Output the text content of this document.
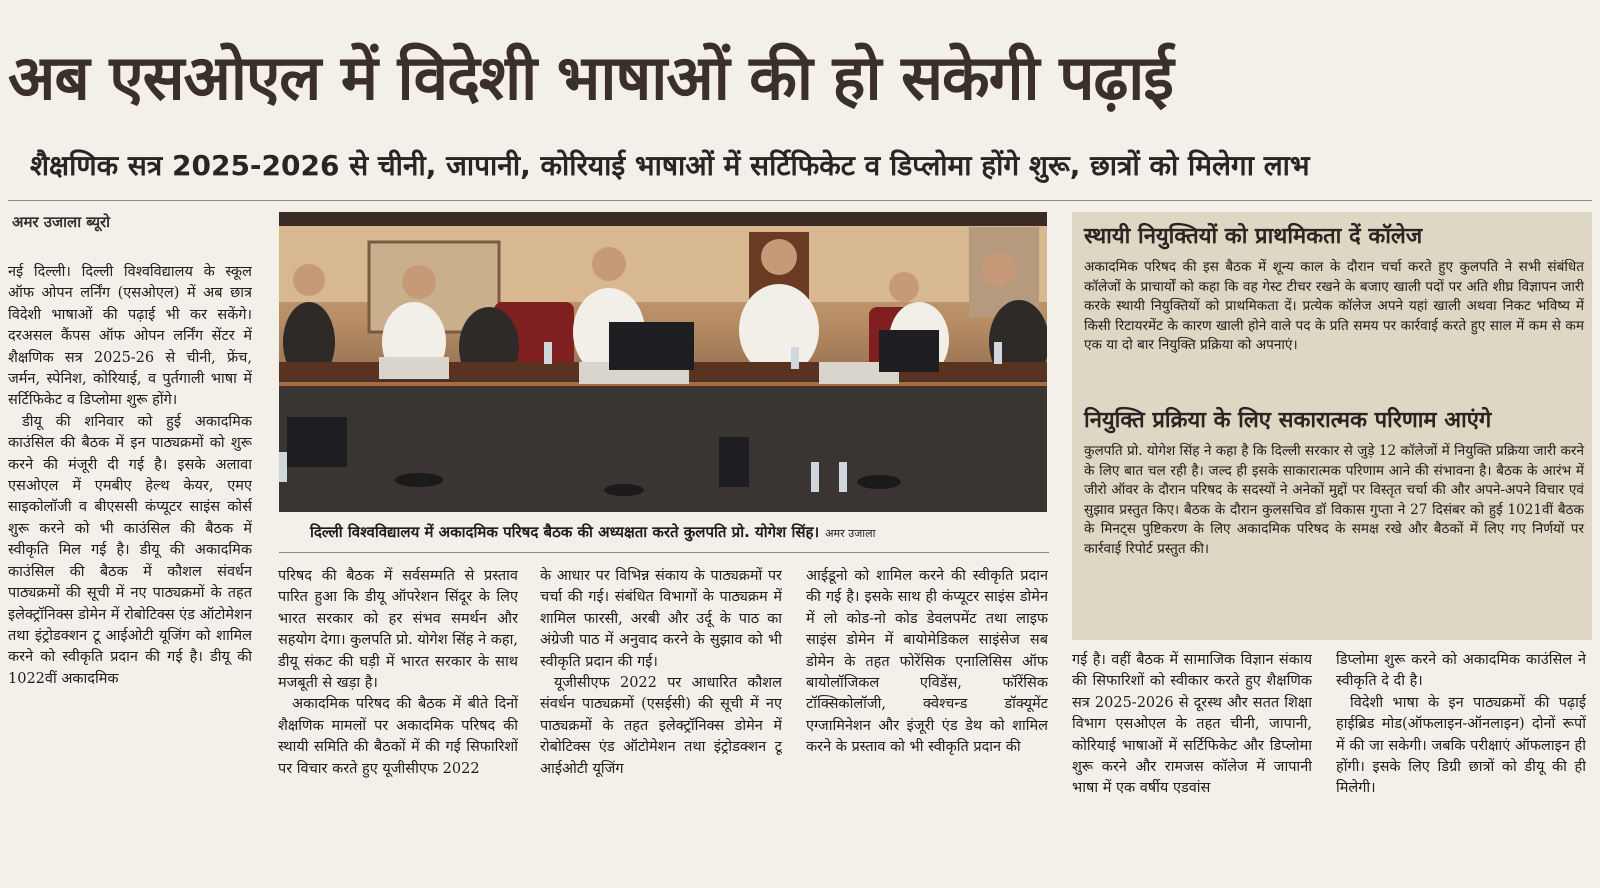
अब एसओएल में विदेशी भाषाओं की हो सकेगी पढ़ाई
शैक्षणिक सत्र 2025-2026 से चीनी, जापानी, कोरियाई भाषाओं में सर्टिफिकेट व डिप्लोमा होंगे शुरू, छात्रों को मिलेगा लाभ
अमर उजाला ब्यूरो

नई दिल्ली। दिल्ली विश्वविद्यालय के स्कूल ऑफ ओपन लर्निंग (एसओएल) में अब छात्र विदेशी भाषाओं की पढ़ाई भी कर सकेंगे। दरअसल कैंपस ऑफ ओपन लर्निंग सेंटर में शैक्षणिक सत्र 2025-26 से चीनी, फ्रेंच, जर्मन, स्पेनिश, कोरियाई, व पुर्तगाली भाषा में सर्टिफिकेट व डिप्लोमा शुरू होंगे।

डीयू की शनिवार को हुई अकादमिक काउंसिल की बैठक में इन पाठ्यक्रमों को शुरू करने की मंजूरी दी गई है। इसके अलावा एसओएल में एमबीए हेल्थ केयर, एमए साइकोलॉजी व बीएससी कंप्यूटर साइंस कोर्स शुरू करने को भी काउंसिल की बैठक में स्वीकृति मिल गई है। डीयू की अकादमिक काउंसिल की बैठक में कौशल संवर्धन पाठ्यक्रमों की सूची में नए पाठ्यक्रमों के तहत इलेक्ट्रॉनिक्स डोमेन में रोबोटिक्स एंड ऑटोमेशन तथा इंट्रोडक्शन टू आईओटी यूजिंग को शामिल करने को स्वीकृति प्रदान की गई है। डीयू की 1022वीं अकादमिक

दिल्ली विश्वविद्यालय में अकादमिक परिषद बैठक की अध्यक्षता करते कुलपति प्रो. योगेश सिंह। अमर उजाला

परिषद की बैठक में सर्वसम्मति से प्रस्ताव पारित हुआ कि डीयू ऑपरेशन सिंदूर के लिए भारत सरकार को हर संभव समर्थन और सहयोग देगा। कुलपति प्रो. योगेश सिंह ने कहा, डीयू संकट की घड़ी में भारत सरकार के साथ मजबूती से खड़ा है।

अकादमिक परिषद की बैठक में बीते दिनों शैक्षणिक मामलों पर अकादमिक परिषद की स्थायी समिति की बैठकों में की गई सिफारिशों पर विचार करते हुए यूजीसीएफ 2022

के आधार पर विभिन्न संकाय के पाठ्यक्रमों पर चर्चा की गई। संबंधित विभागों के पाठ्यक्रम में शामिल फारसी, अरबी और उर्दू के पाठ का अंग्रेजी पाठ में अनुवाद करने के सुझाव को भी स्वीकृति प्रदान की गई।

यूजीसीएफ 2022 पर आधारित कौशल संवर्धन पाठ्यक्रमों (एसईसी) की सूची में नए पाठ्यक्रमों के तहत इलेक्ट्रॉनिक्स डोमेन में रोबोटिक्स एंड ऑटोमेशन तथा इंट्रोडक्शन टू आईओटी यूजिंग

आईडूनो को शामिल करने की स्वीकृति प्रदान की गई है। इसके साथ ही कंप्यूटर साइंस डोमेन में लो कोड-नो कोड डेवलपमेंट तथा लाइफ साइंस डोमेन में बायोमेडिकल साइंसेज सब डोमेन के तहत फोरेंसिक एनालिसिस ऑफ बायोलॉजिकल एविडेंस, फॉरेंसिक टॉक्सिकोलॉजी, क्वेश्चन्ड डॉक्यूमेंट एग्जामिनेशन और इंजूरी एंड डेथ को शामिल करने के प्रस्ताव को भी स्वीकृति प्रदान की

गई है। वहीं बैठक में सामाजिक विज्ञान संकाय की सिफारिशों को स्वीकार करते हुए शैक्षणिक सत्र 2025-2026 से दूरस्थ और सतत शिक्षा विभाग एसओएल के तहत चीनी, जापानी, कोरियाई भाषाओं में सर्टिफिकेट और डिप्लोमा शुरू करने और रामजस कॉलेज में जापानी भाषा में एक वर्षीय एडवांस

डिप्लोमा शुरू करने को अकादमिक काउंसिल ने स्वीकृति दे दी है।

विदेशी भाषा के इन पाठ्यक्रमों की पढ़ाई हाईब्रिड मोड(ऑफलाइन-ऑनलाइन) दोनों रूपों में की जा सकेगी। जबकि परीक्षाएं ऑफलाइन ही होंगी। इसके लिए डिग्री छात्रों को डीयू की ही मिलेगी।

स्थायी नियुक्तियों को प्राथमिकता दें कॉलेज
अकादमिक परिषद की इस बैठक में शून्य काल के दौरान चर्चा करते हुए कुलपति ने सभी संबंधित कॉलेजों के प्राचार्यों को कहा कि वह गेस्ट टीचर रखने के बजाए खाली पदों पर अति शीघ्र विज्ञापन जारी करके स्थायी नियुक्तियों को प्राथमिकता दें। प्रत्येक कॉलेज अपने यहां खाली अथवा निकट भविष्य में किसी रिटायरमेंट के कारण खाली होने वाले पद के प्रति समय पर कार्रवाई करते हुए साल में कम से कम एक या दो बार नियुक्ति प्रक्रिया को अपनाएं।
नियुक्ति प्रक्रिया के लिए सकारात्मक परिणाम आएंगे
कुलपति प्रो. योगेश सिंह ने कहा है कि दिल्ली सरकार से जुड़े 12 कॉलेजों में नियुक्ति प्रक्रिया जारी करने के लिए बात चल रही है। जल्द ही इसके साकारात्मक परिणाम आने की संभावना है। बैठक के आरंभ में जीरो ऑवर के दौरान परिषद के सदस्यों ने अनेकों मुद्दों पर विस्तृत चर्चा की और अपने-अपने विचार एवं सुझाव प्रस्तुत किए। बैठक के दौरान कुलसचिव डॉ विकास गुप्ता ने 27 दिसंबर को हुई 1021वीं बैठक के मिनट्स पुष्टिकरण के लिए अकादमिक परिषद के समक्ष रखे और बैठकों में लिए गए निर्णयों पर कार्रवाई रिपोर्ट प्रस्तुत की।
